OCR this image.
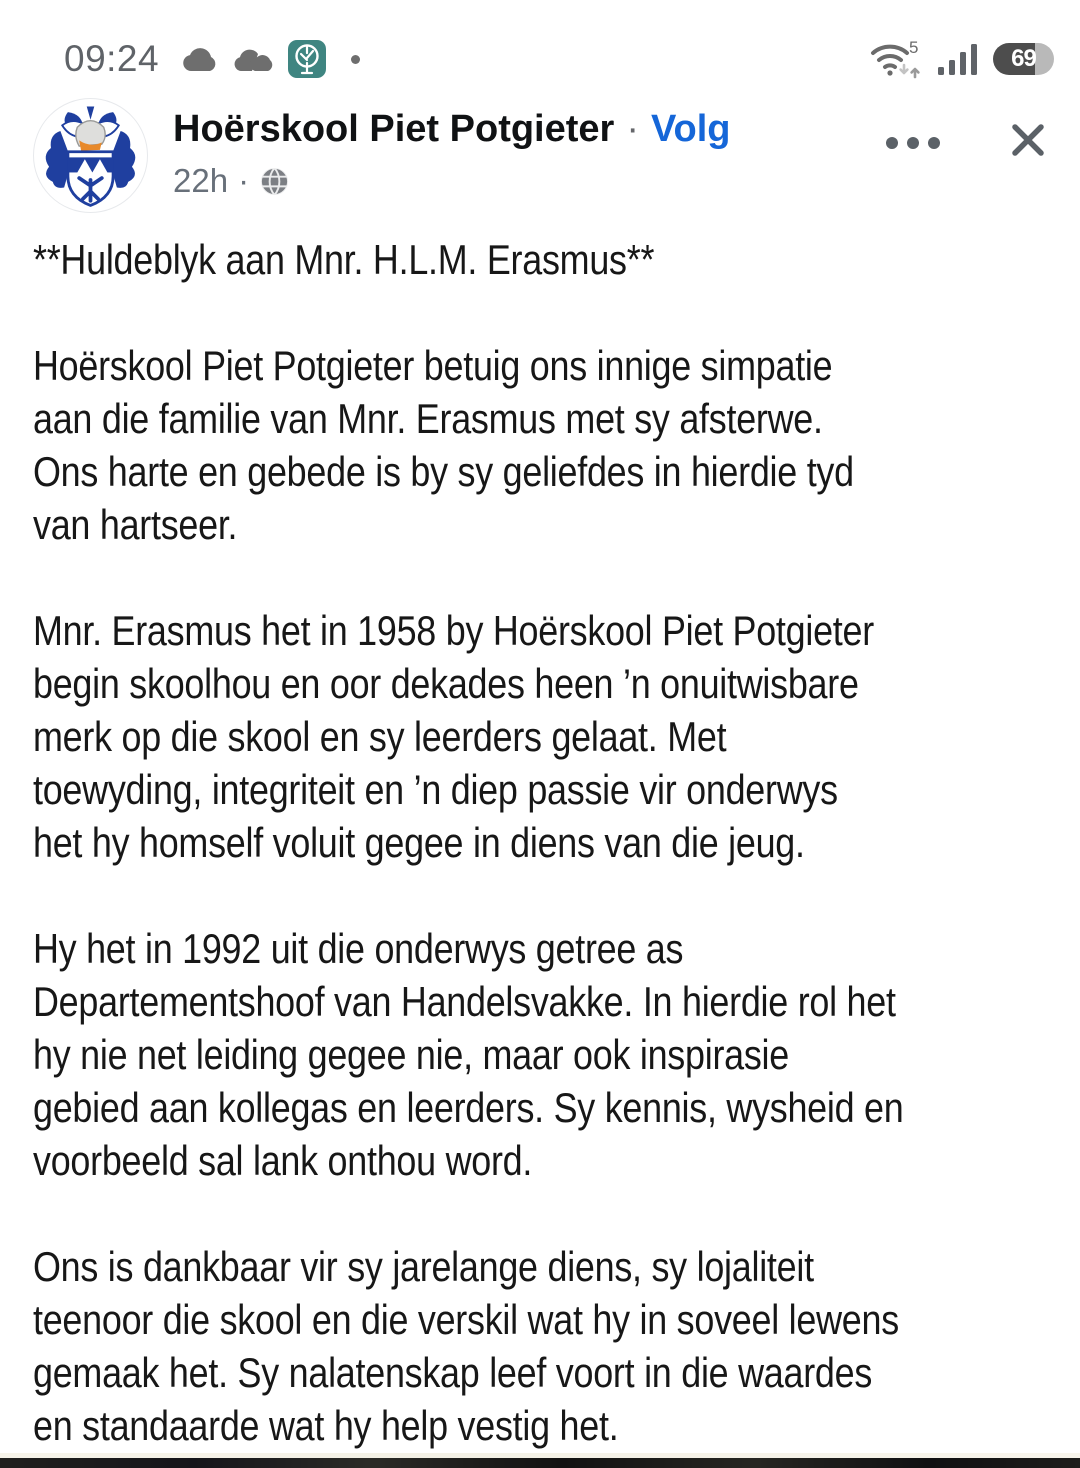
09:24	5	69
Hoërskool Piet Potgieter · Volg
22h ·
**Huldeblyk aan Mnr. H.L.M. Erasmus**
Hoërskool Piet Potgieter betuig ons innige simpatie
aan die familie van Mnr. Erasmus met sy afsterwe.
Ons harte en gebede is by sy geliefdes in hierdie tyd
van hartseer.
Mnr. Erasmus het in 1958 by Hoërskool Piet Potgieter
begin skoolhou en oor dekades heen ’n onuitwisbare
merk op die skool en sy leerders gelaat. Met
toewyding, integriteit en ’n diep passie vir onderwys
het hy homself voluit gegee in diens van die jeug.
Hy het in 1992 uit die onderwys getree as
Departementshoof van Handelsvakke. In hierdie rol het
hy nie net leiding gegee nie, maar ook inspirasie
gebied aan kollegas en leerders. Sy kennis, wysheid en
voorbeeld sal lank onthou word.
Ons is dankbaar vir sy jarelange diens, sy lojaliteit
teenoor die skool en die verskil wat hy in soveel lewens
gemaak het. Sy nalatenskap leef voort in die waardes
en standaarde wat hy help vestig het.
